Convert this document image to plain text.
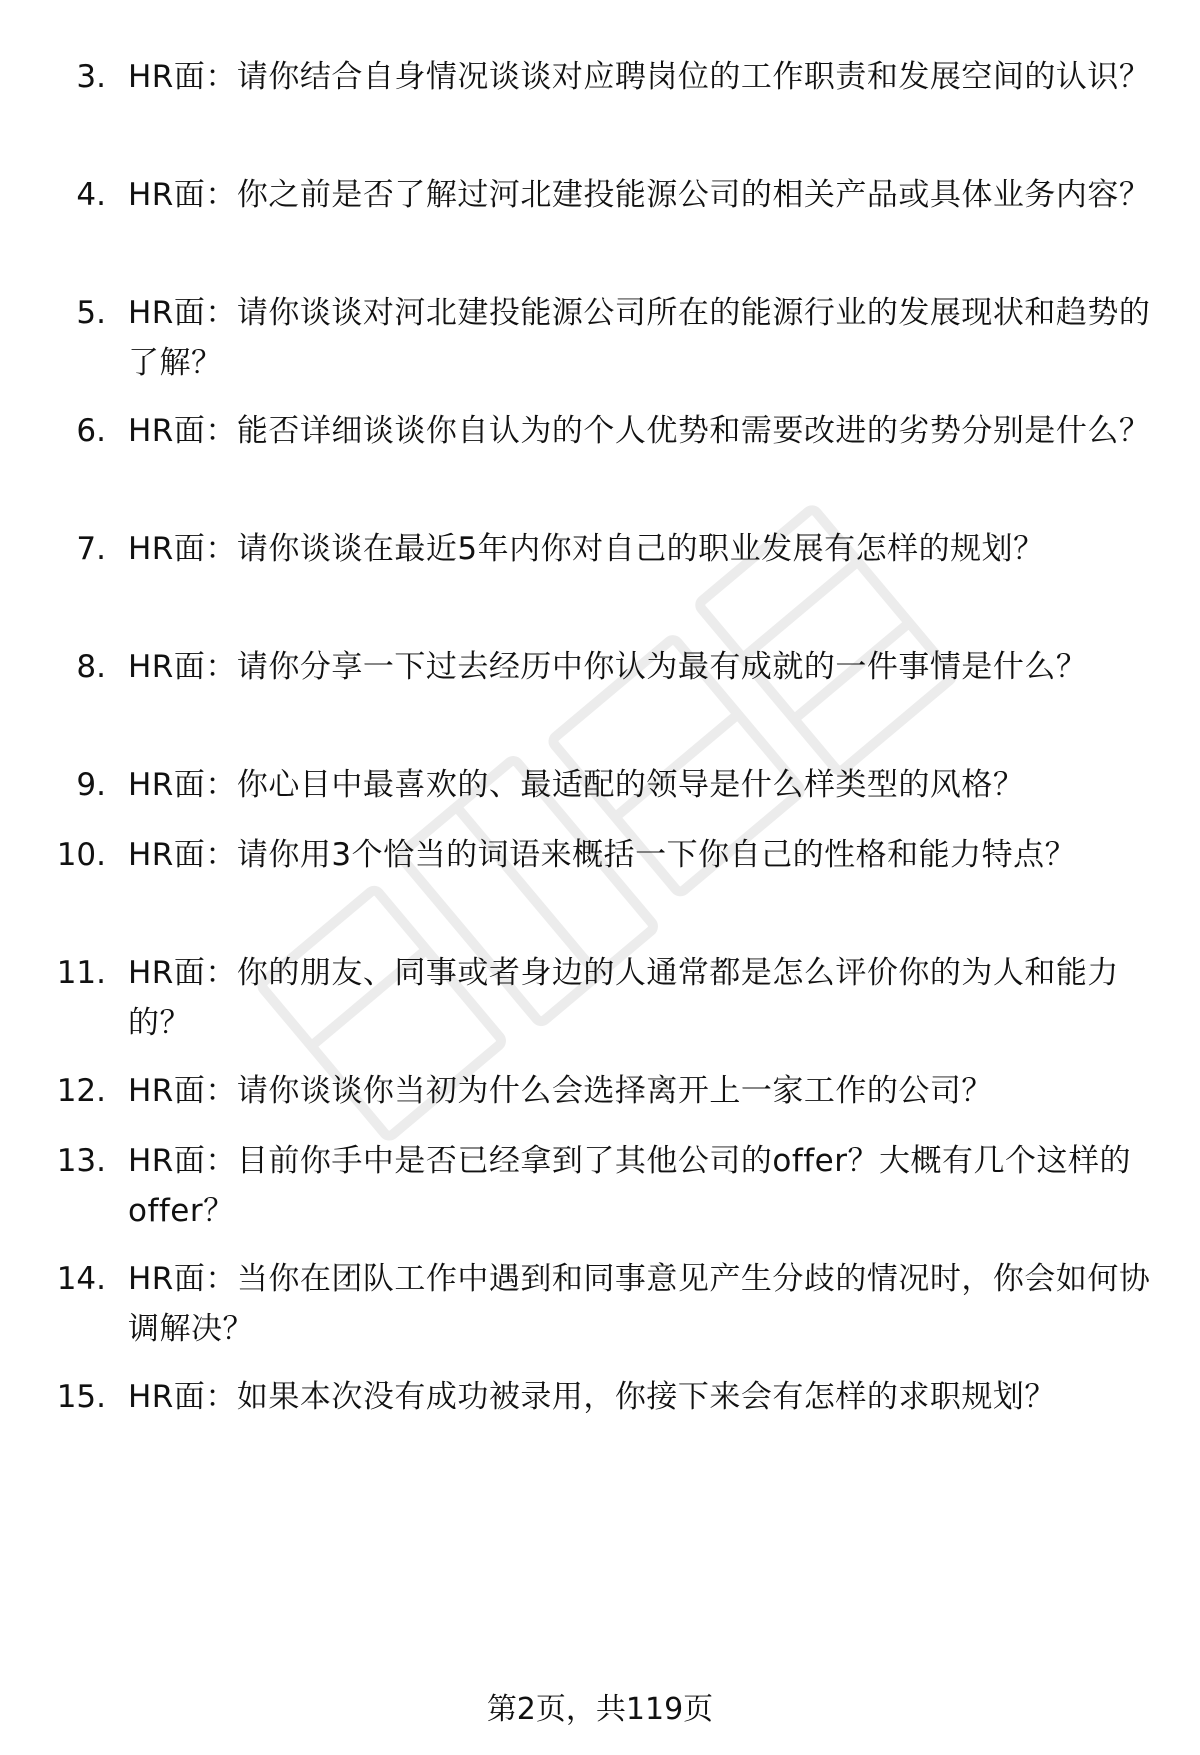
3. HR面：请你结合自身情况谈谈对应聘岗位的工作职责和发展空间的认识？
4. HR面：你之前是否了解过河北建投能源公司的相关产品或具体业务内容？
5. HR面：请你谈谈对河北建投能源公司所在的能源行业的发展现状和趋势的了解？
6. HR面：能否详细谈谈你自认为的个人优势和需要改进的劣势分别是什么？
7. HR面：请你谈谈在最近5年内你对自己的职业发展有怎样的规划？
8. HR面：请你分享一下过去经历中你认为最有成就的一件事情是什么？
9. HR面：你心目中最喜欢的、最适配的领导是什么样类型的风格？
10. HR面：请你用3个恰当的词语来概括一下你自己的性格和能力特点？
11. HR面：你的朋友、同事或者身边的人通常都是怎么评价你的为人和能力的？
12. HR面：请你谈谈你当初为什么会选择离开上一家工作的公司？
13. HR面：目前你手中是否已经拿到了其他公司的offer？大概有几个这样的offer？
14. HR面：当你在团队工作中遇到和同事意见产生分歧的情况时，你会如何协调解决？
15. HR面：如果本次没有成功被录用，你接下来会有怎样的求职规划？
第2页，共119页
